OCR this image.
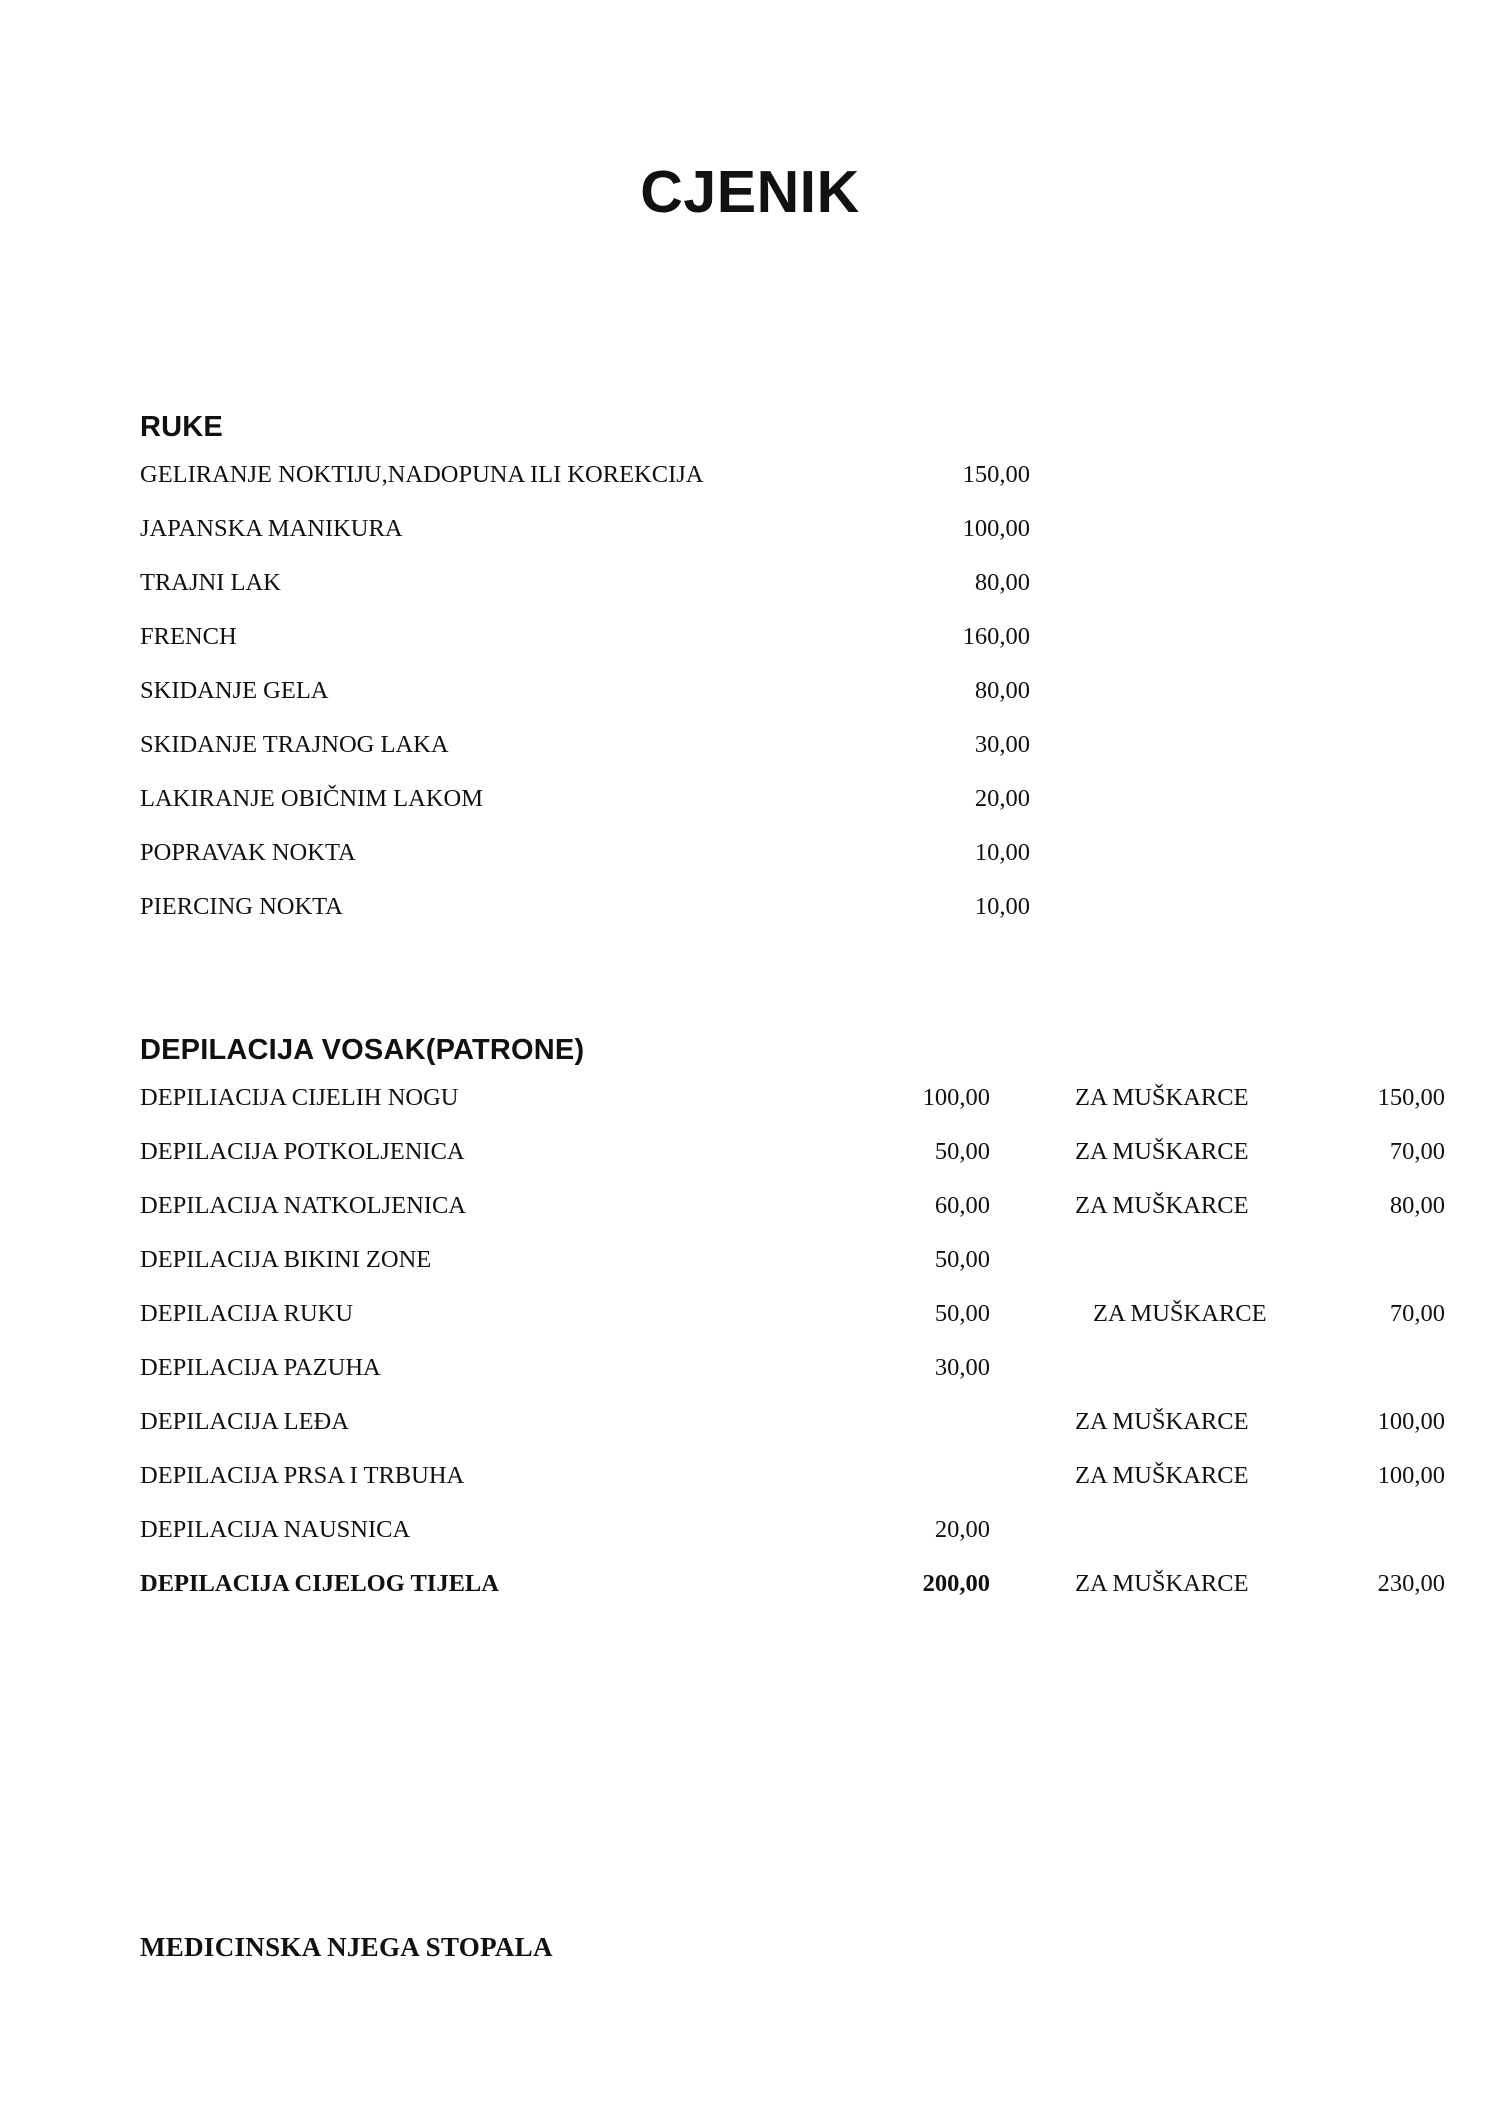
CJENIK
RUKE
GELIRANJE NOKTIJU,NADOPUNA ILI KOREKCIJA	150,00	
JAPANSKA MANIKURA	100,00	
TRAJNI LAK	80,00	
FRENCH	160,00	
SKIDANJE GELA	80,00	
SKIDANJE TRAJNOG LAKA	30,00	
LAKIRANJE OBIČNIM LAKOM	20,00	
POPRAVAK NOKTA	10,00	
PIERCING NOKTA	10,00	
DEPILACIJA VOSAK(PATRONE)
DEPILIACIJA CIJELIH NOGU	100,00	ZA MUŠKARCE	150,00
DEPILACIJA POTKOLJENICA	50,00	ZA MUŠKARCE	70,00
DEPILACIJA NATKOLJENICA	60,00	ZA MUŠKARCE	80,00
DEPILACIJA BIKINI ZONE	50,00		
DEPILACIJA RUKU	50,00	ZA MUŠKARCE	70,00
DEPILACIJA PAZUHA	30,00		
DEPILACIJA LEĐA		ZA MUŠKARCE	100,00
DEPILACIJA PRSA I TRBUHA		ZA MUŠKARCE	100,00
DEPILACIJA NAUSNICA	20,00		
DEPILACIJA CIJELOG TIJELA	200,00	ZA MUŠKARCE	230,00
MEDICINSKA NJEGA STOPALA
